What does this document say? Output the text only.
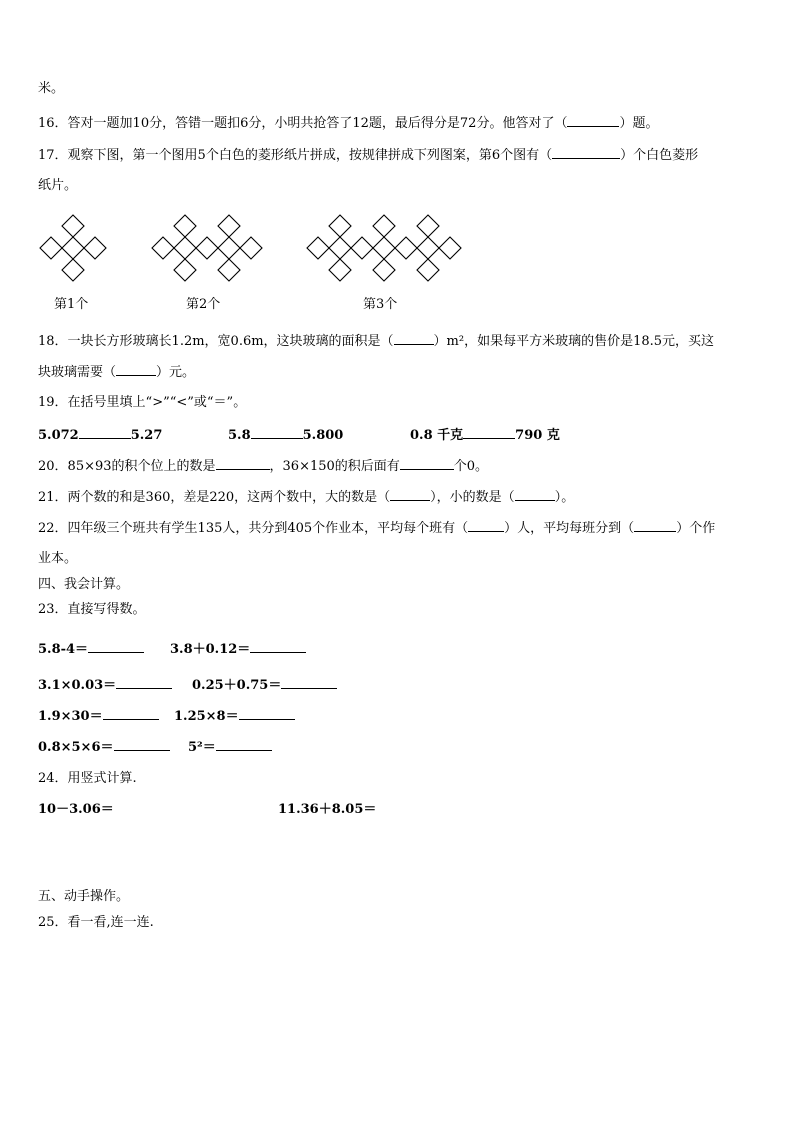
米。
16．答对一题加10分，答错一题扣6分，小明共抢答了12题，最后得分是72分。他答对了（	）题。
17．观察下图，第一个图用5个白色的菱形纸片拼成，按规律拼成下列图案，第6个图有（	）个白色菱形
纸片。
第1个	第2个	第3个
18．一块长方形玻璃长1.2m，宽0.6m，这块玻璃的面积是（	）m²，如果每平方米玻璃的售价是18.5元，买这
块玻璃需要（	）元。
19．在括号里填上“>”“<”或“＝”。
5.072	5.27	5.8	5.800	0.8 千克	790 克
20．85×93的积个位上的数是	，36×150的积后面有	个0。
21．两个数的和是360，差是220，这两个数中，大的数是（	），小的数是（	）。
22．四年级三个班共有学生135人，共分到405个作业本，平均每个班有（	）人，平均每班分到（	）个作
业本。
四、我会计算。
23．直接写得数。
5.8-4＝	3.8＋0.12＝
3.1×0.03＝	0.25＋0.75＝
1.9×30＝	1.25×8＝
0.8×5×6＝	5²＝
24．用竖式计算.
10－3.06＝	11.36＋8.05＝
五、动手操作。
25．看一看,连一连.
